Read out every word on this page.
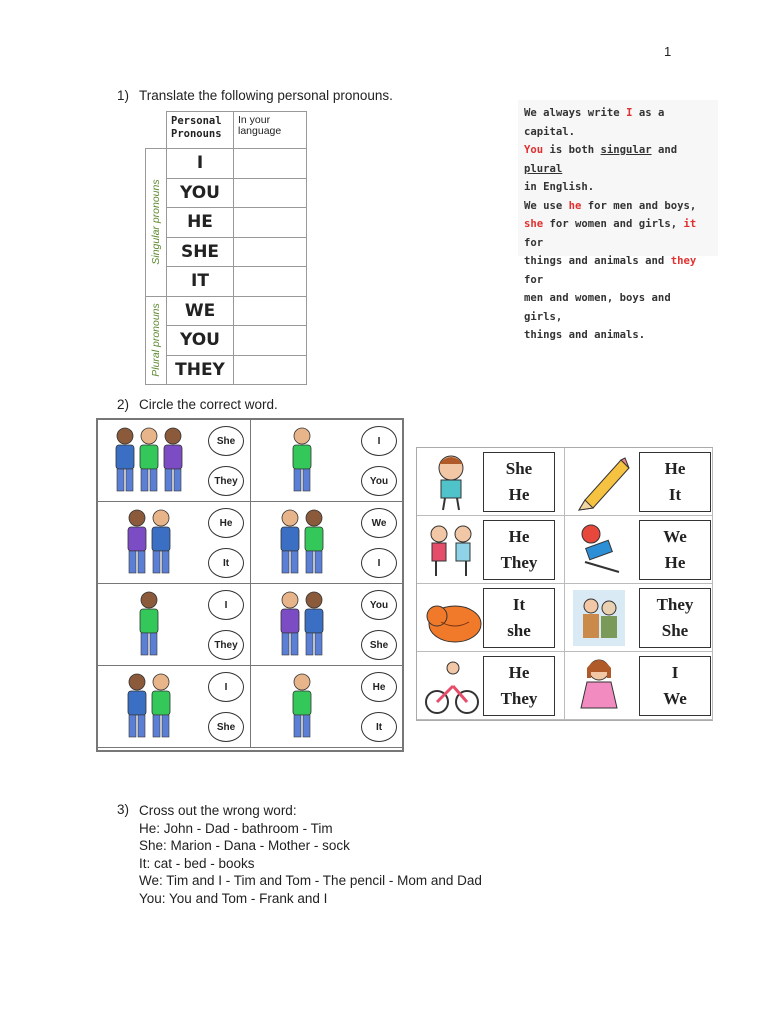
1
1) Translate the following personal pronouns.
	Personal Pronouns	In your language

Singular pronouns	I	
	YOU	
	HE	
	SHE	
	IT	

Plural pronouns	WE	
	YOU	
	THEY	
We always write I as a capital.
You is both singular and plural
in English.
We use he for men and boys,
she for women and girls, it for
things and animals and they for
men and women, boys and girls,
things and animals.
2) Circle the correct word.
She
They
I
You
He
It
We
I
I
They
You
She
I
She
He
It
She
He
He
It
He
They
We
He
It
she
They
She
He
They
I
We
3) Cross out the wrong word:
He: John - Dad - bathroom - Tim
She: Marion - Dana - Mother - sock
It: cat - bed - books
We: Tim and I - Tim and Tom - The pencil - Mom and Dad
You: You and Tom - Frank and I
